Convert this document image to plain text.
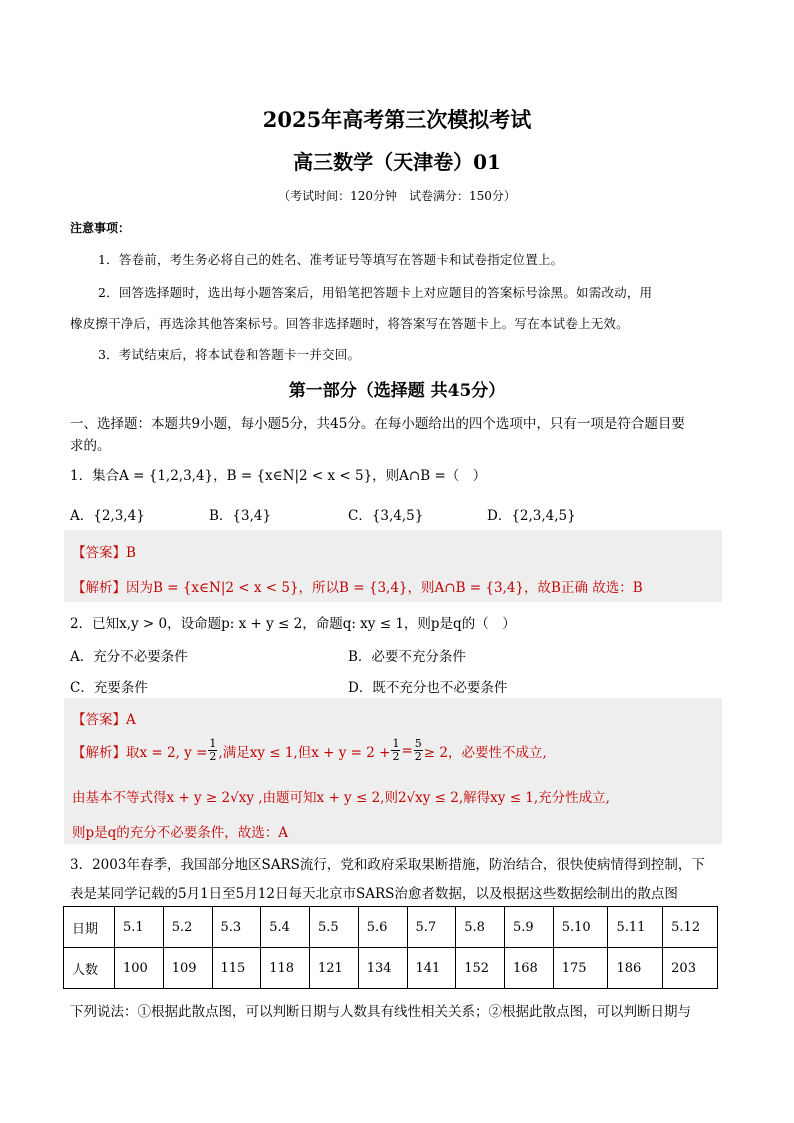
2025年高考第三次模拟考试
高三数学（天津卷）01
（考试时间：120分钟　试卷满分：150分）
注意事项：
1．答卷前，考生务必将自己的姓名、准考证号等填写在答题卡和试卷指定位置上。
2．回答选择题时，选出每小题答案后，用铅笔把答题卡上对应题目的答案标号涂黑。如需改动，用
橡皮擦干净后，再选涂其他答案标号。回答非选择题时，将答案写在答题卡上。写在本试卷上无效。
3．考试结束后，将本试卷和答题卡一并交回。
第一部分（选择题 共45分）
一、选择题：本题共9小题，每小题5分，共45分。在每小题给出的四个选项中，只有一项是符合题目要
求的。
1．集合A = {1,2,3,4}，B = {x∈N|2 < x < 5}，则A∩B =（　）
A．{2,3,4}	B．{3,4}	C．{3,4,5}	D．{2,3,4,5}
【答案】B
【解析】因为B = {x∈N|2 < x < 5}，所以B = {3,4}，则A∩B = {3,4}，故B正确 故选：B
2．已知x,y > 0，设命题p: x + y ≤ 2，命题q: xy ≤ 1，则p是q的（　）
A．充分不必要条件	B．必要不充分条件
C．充要条件	D．既不充分也不必要条件
【答案】A
【解析】 取x = 2, $y = \frac{1}{2}$ ,满足xy ≤ 1,但$x + y = 2 + \frac{1}{2} = \frac{5}{2} \ge 2$，必要性不成立,
由基本不等式得x + y ≥ 2√xy ,由题可知x + y ≤ 2,则2√xy ≤ 2,解得xy ≤ 1,充分性成立,
则p是q的充分不必要条件，故选：A
3．2003年春季，我国部分地区SARS流行，党和政府采取果断措施，防治结合，很快使病情得到控制，下
表是某同学记载的5月1日至5月12日每天北京市SARS治愈者数据，以及根据这些数据绘制出的散点图
日期	5.1	5.2	5.3	5.4	5.5	5.6	5.7	5.8	5.9	5.10	5.11	5.12
人数	100	109	115	118	121	134	141	152	168	175	186	203
下列说法：①根据此散点图，可以判断日期与人数具有线性相关关系；②根据此散点图，可以判断日期与
